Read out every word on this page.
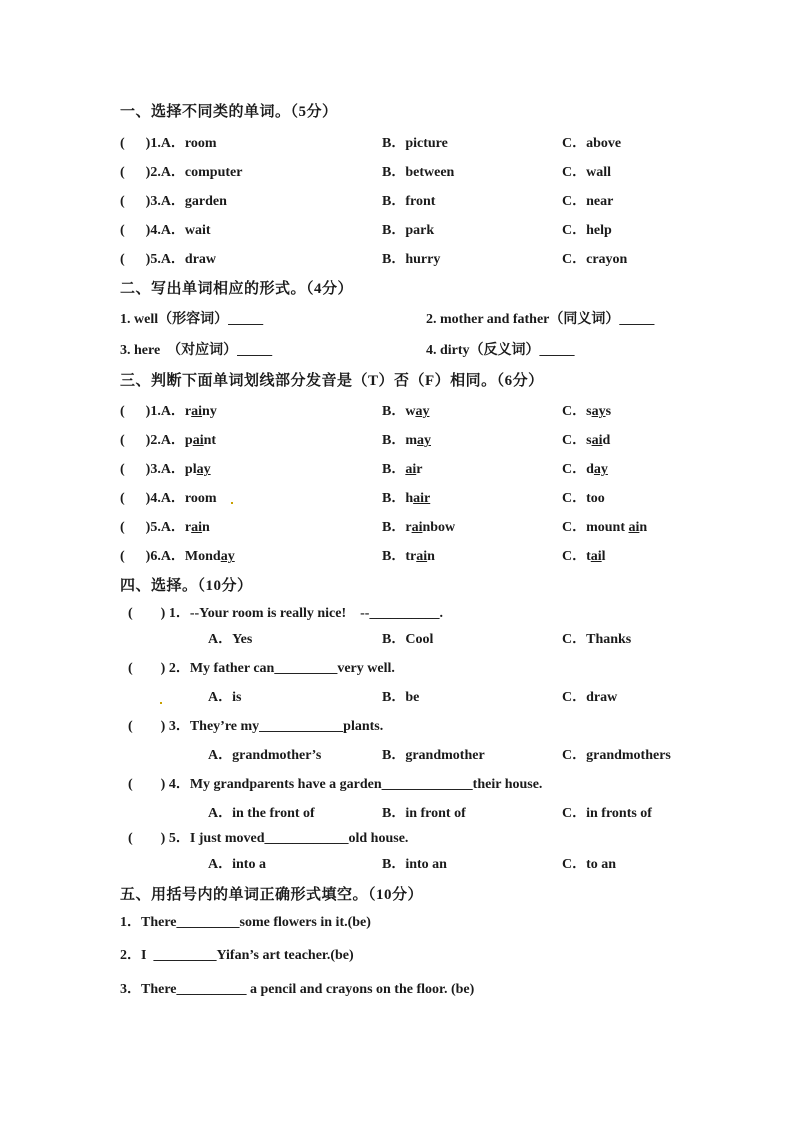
一、选择不同类的单词。（5分）
(      )1.A．room	B．picture	C．above
(      )2.A．computer	B．between	C．wall
(      )3.A．garden	B．front	C．near
(      )4.A．wait	B．park	C．help
(      )5.A．draw	B．hurry	C．crayon
二、写出单词相应的形式。（4分）
1. well（形容词）_____	2. mother and father（同义词）_____
3. here  （对应词）_____	4. dirty（反义词）_____
三、判断下面单词划线部分发音是（T）否（F）相同。（6分）
(      )1.A．rainy	B．way	C．says
(      )2.A．paint	B．may	C．said
(      )3.A．play	B．air	C．day
(      )4.A．room	B．hair	C．too
(      )5.A．rain	B．rainbow	C．mount ain
(      )6.A．Monday	B．train	C．tail
四、选择。（10分）
(        ) 1．--Your room is really nice!    --__________.
A．Yes	B．Cool	C．Thanks
(        ) 2．My father can_________very well.
A．is	B．be	C．draw
(        ) 3．They’re my____________plants.
A．grandmother’s	B．grandmother	C．grandmothers
(        ) 4．My grandparents have a garden_____________their house.
A．in the front of	B．in front of	C．in fronts of
(        ) 5．I just moved____________old house.
A．into a	B．into an	C．to an
五、用括号内的单词正确形式填空。（10分）
1．There_________some flowers in it.(be)
2．I  _________Yifan’s art teacher.(be)
3．There__________ a pencil and crayons on the floor. (be)
